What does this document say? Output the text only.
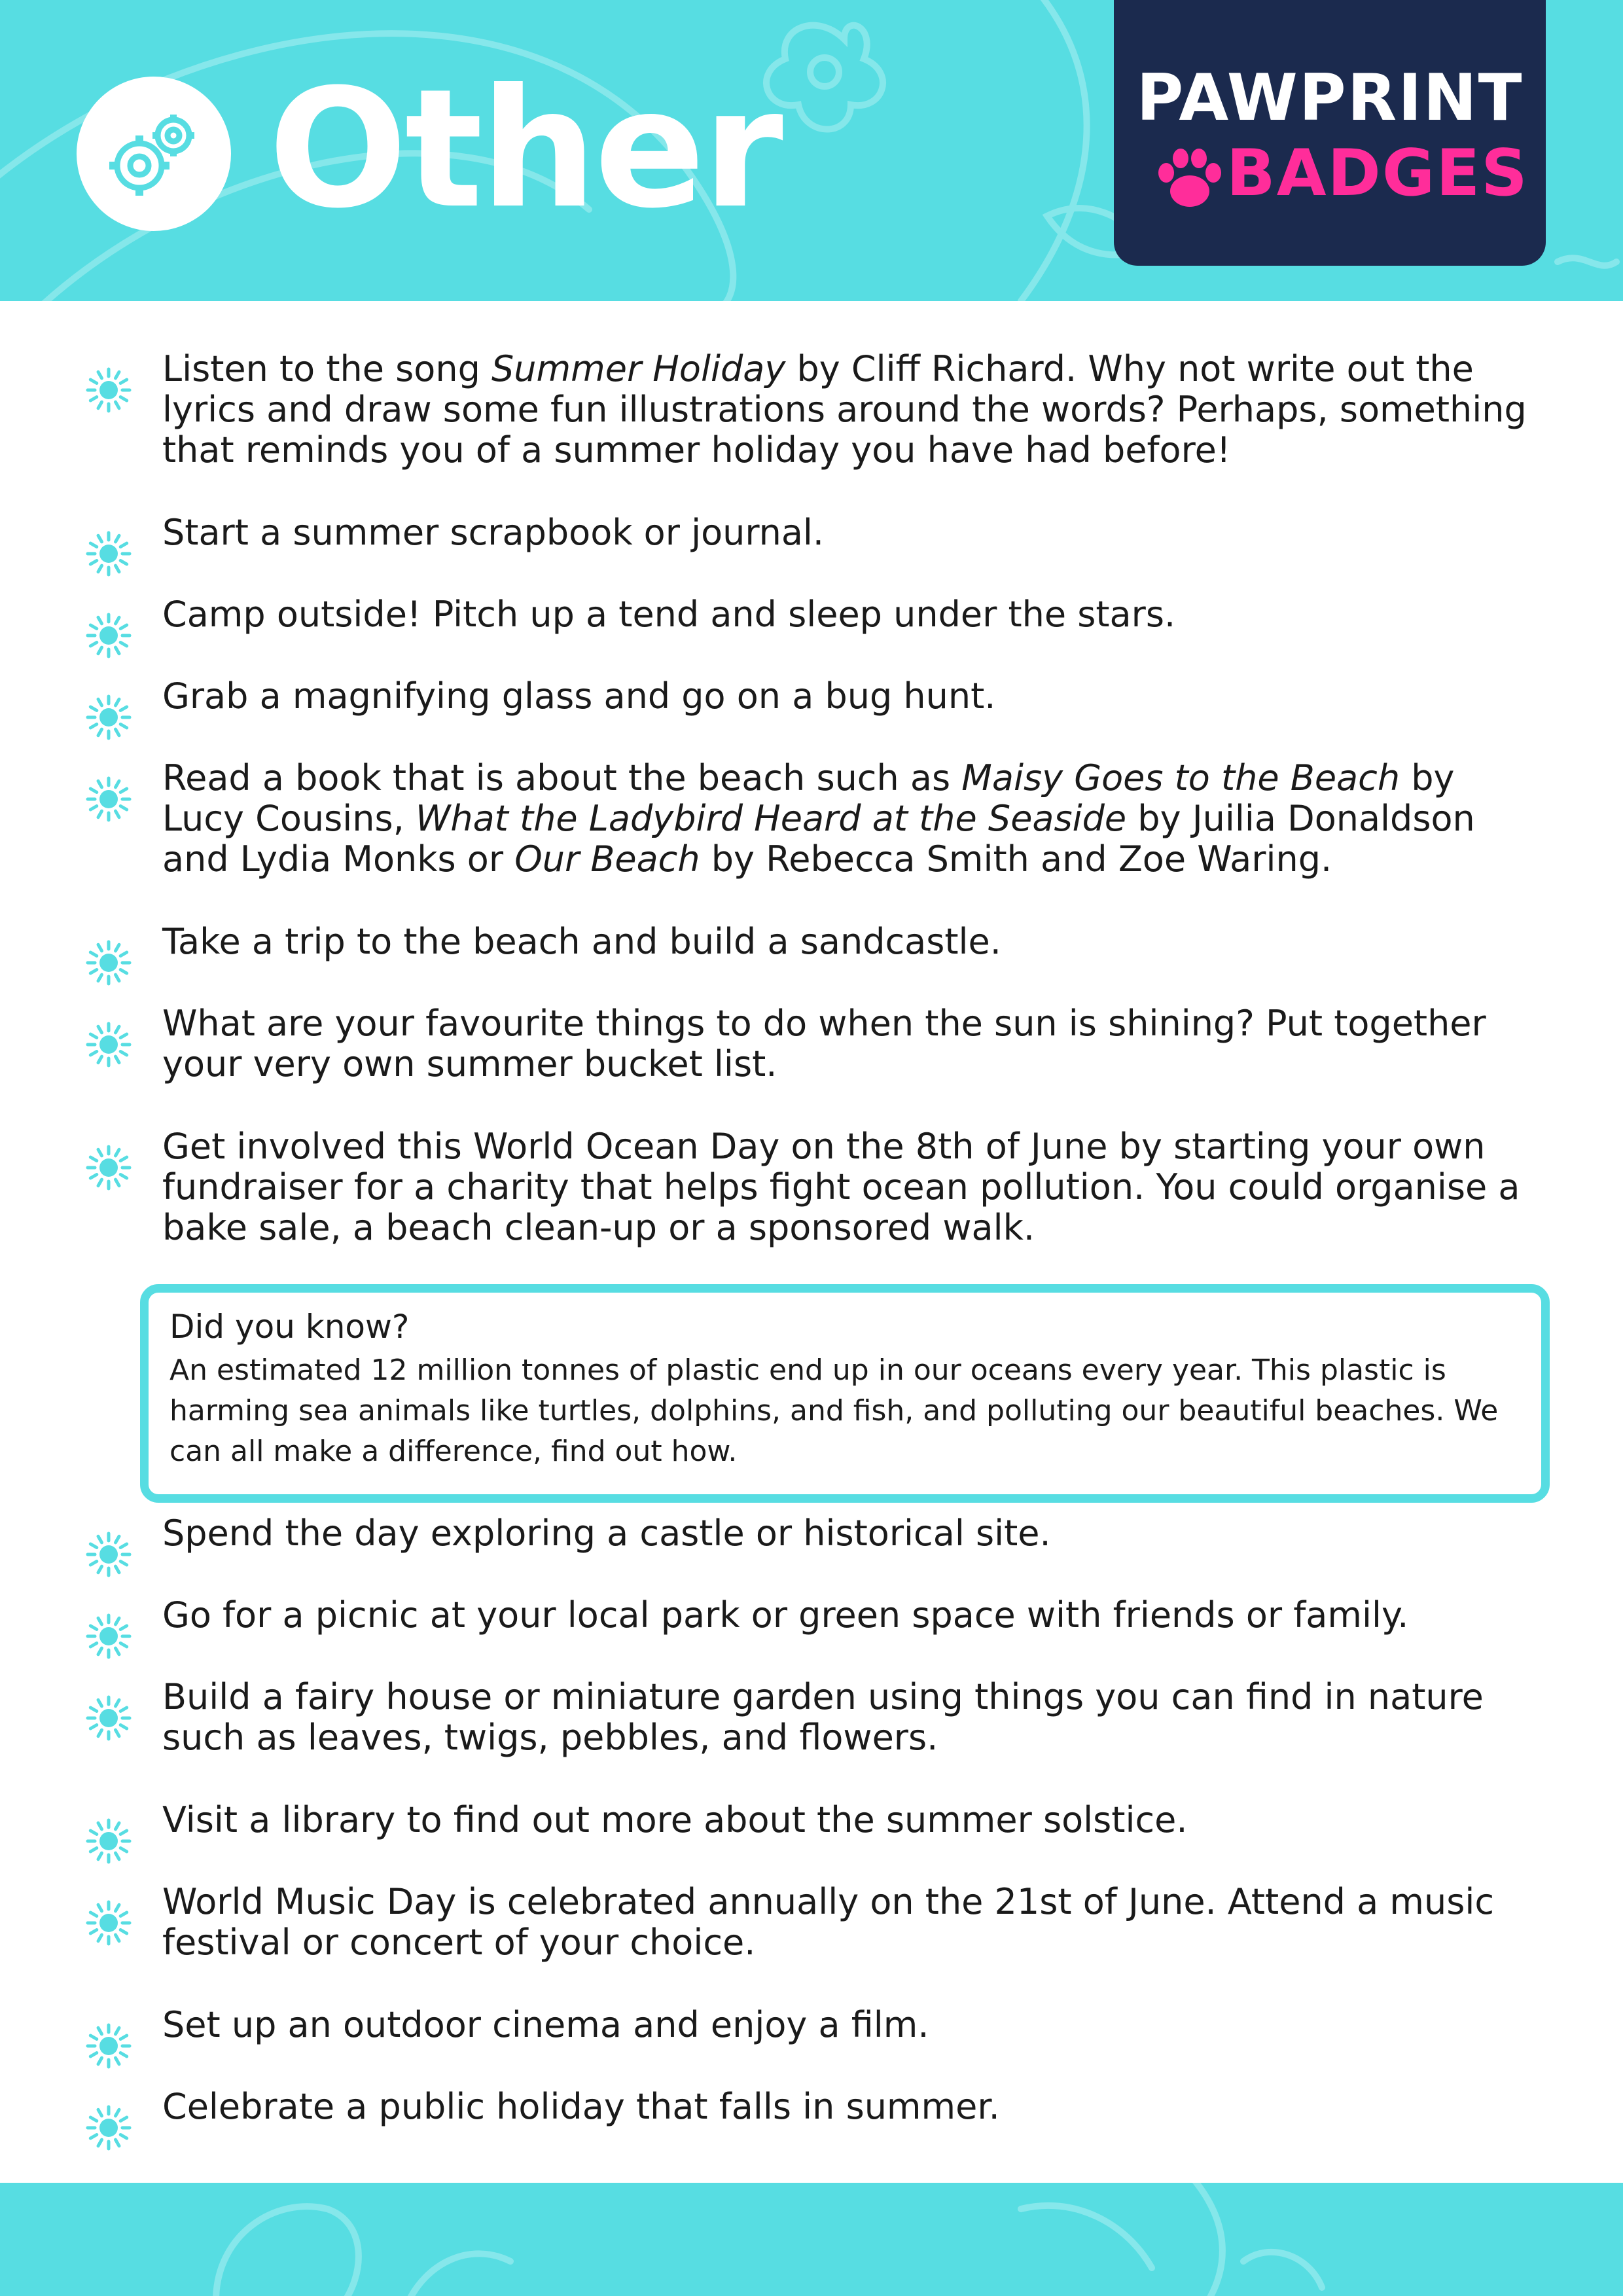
Other	PAWPRINT
BADGES

Listen to the song Summer Holiday by Cliff Richard. Why not write out the lyrics and draw some fun illustrations around the words? Perhaps, something that reminds you of a summer holiday you have had before!

Start a summer scrapbook or journal.

Camp outside! Pitch up a tend and sleep under the stars.

Grab a magnifying glass and go on a bug hunt.

Read a book that is about the beach such as Maisy Goes to the Beach by Lucy Cousins, What the Ladybird Heard at the Seaside by Juilia Donaldson and Lydia Monks or Our Beach by Rebecca Smith and Zoe Waring.

Take a trip to the beach and build a sandcastle.

What are your favourite things to do when the sun is shining? Put together your very own summer bucket list.

Get involved this World Ocean Day on the 8th of June by starting your own fundraiser for a charity that helps fight ocean pollution. You could organise a bake sale, a beach clean-up or a sponsored walk.

Spend the day exploring a castle or historical site.

Go for a picnic at your local park or green space with friends or family.

Build a fairy house or miniature garden using things you can find in nature such as leaves, twigs, pebbles, and flowers.

Visit a library to find out more about the summer solstice.

World Music Day is celebrated annually on the 21st of June. Attend a music festival or concert of your choice.

Set up an outdoor cinema and enjoy a film.

Celebrate a public holiday that falls in summer.

Did you know?

An estimated 12 million tonnes of plastic end up in our oceans every year. This plastic is harming sea animals like turtles, dolphins, and fish, and polluting our beautiful beaches. We can all make a difference, find out how.
